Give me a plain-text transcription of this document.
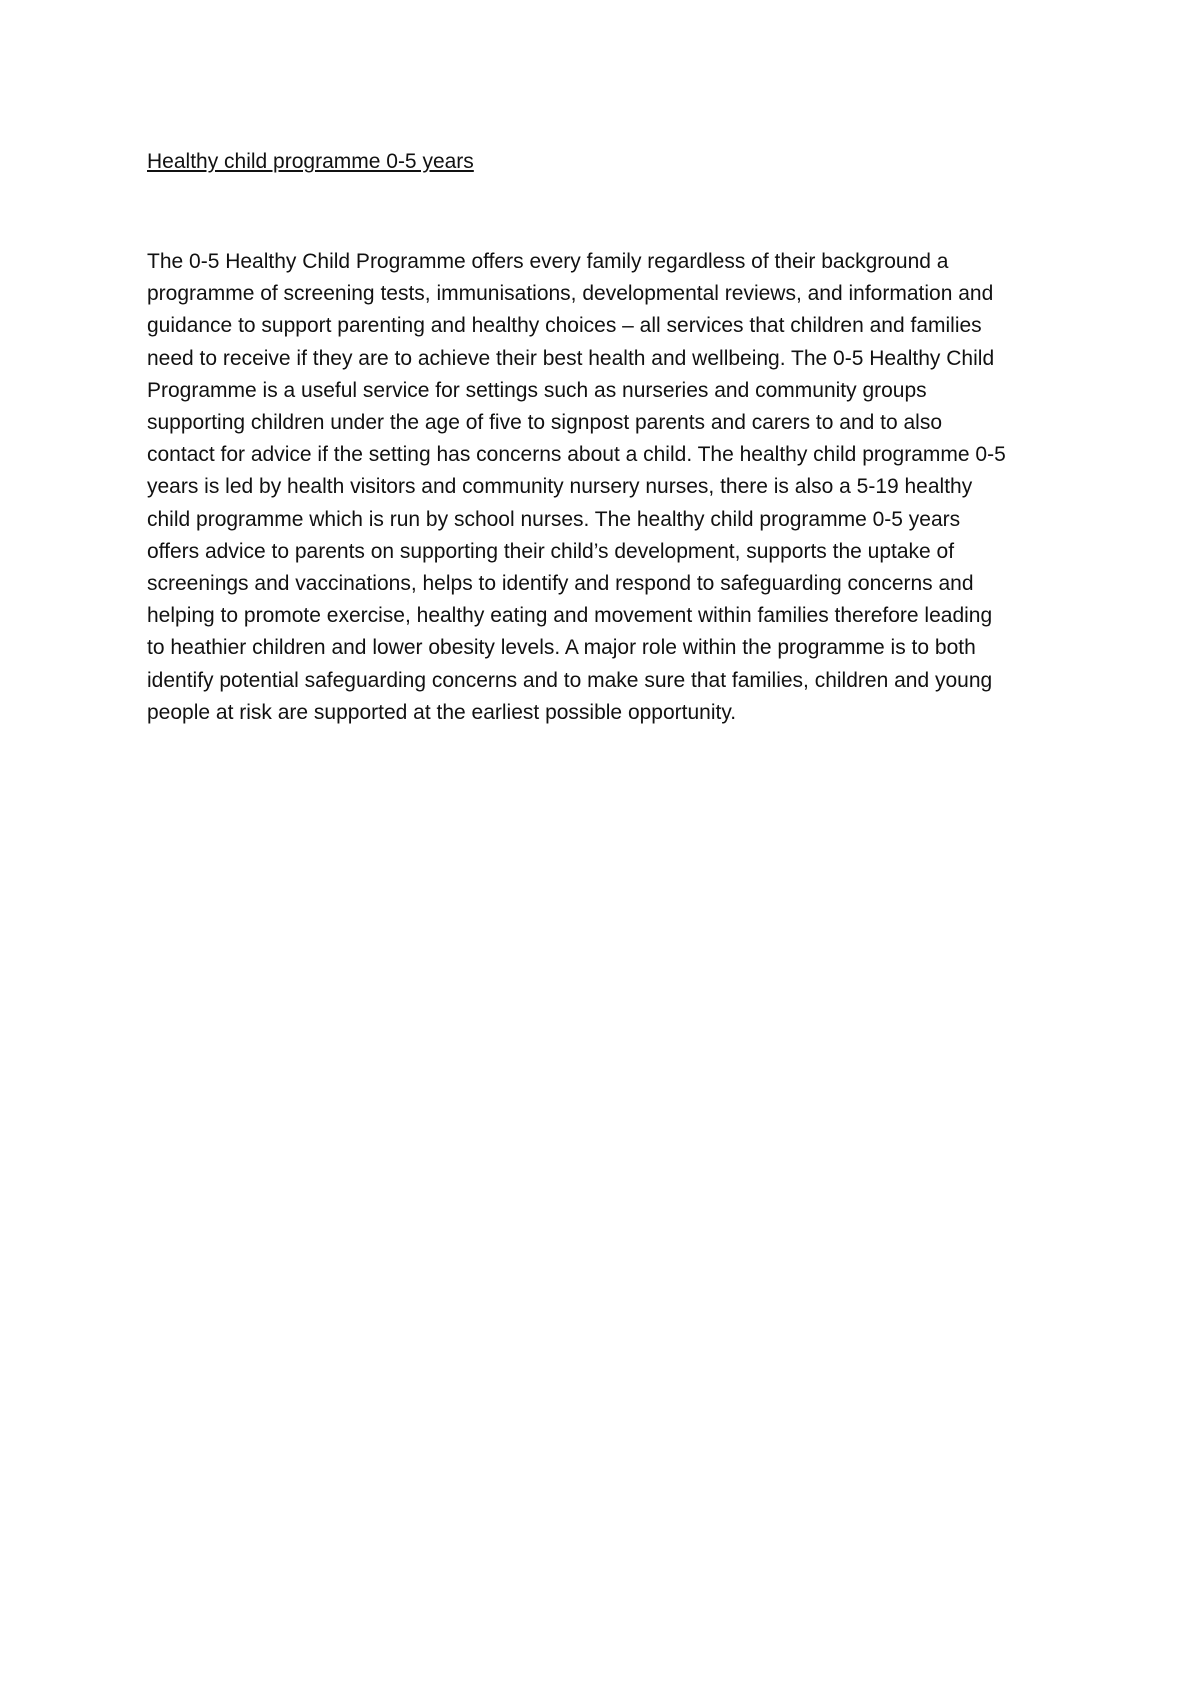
Healthy child programme 0-5 years

The 0-5 Healthy Child Programme offers every family regardless of their background a
programme of screening tests, immunisations, developmental reviews, and information and
guidance to support parenting and healthy choices – all services that children and families
need to receive if they are to achieve their best health and wellbeing. The 0-5 Healthy Child
Programme is a useful service for settings such as nurseries and community groups
supporting children under the age of five to signpost parents and carers to and to also
contact for advice if the setting has concerns about a child. The healthy child programme 0-5
years is led by health visitors and community nursery nurses, there is also a 5-19 healthy
child programme which is run by school nurses. The healthy child programme 0-5 years
offers advice to parents on supporting their child’s development, supports the uptake of
screenings and vaccinations, helps to identify and respond to safeguarding concerns and
helping to promote exercise, healthy eating and movement within families therefore leading
to heathier children and lower obesity levels. A major role within the programme is to both
identify potential safeguarding concerns and to make sure that families, children and young
people at risk are supported at the earliest possible opportunity.
